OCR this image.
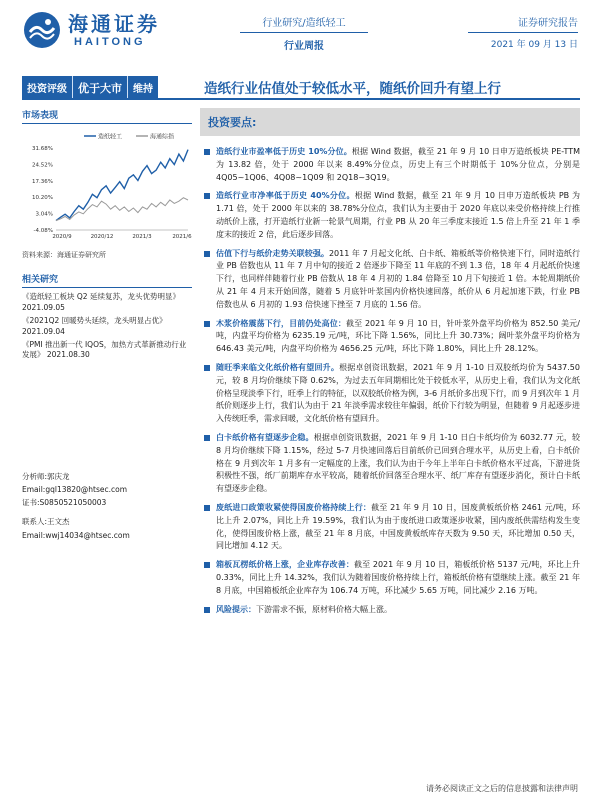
海通证券
HAITONG
行业研究/造纸轻工
行业周报
证券研究报告
2021 年 09 月 13 日
投资评级	优于大市	维持	造纸行业估值处于较低水平，随纸价回升有望上行
市场表现
造纸轻工	海通综指
31.68%
24.52%
17.36%
10.20%
3.04%
-4.08%
2020/9	2020/12	2021/3	2021/6
资料来源：海通证券研究所
相关研究
《造纸轻工板块 Q2 延续复苏，龙头优势明显》 2021.09.05
《2021Q2 回暖势头延续，龙头明显占优》 2021.09.04
《PMI 推出新一代 IQOS，加热方式革新推动行业发展》 2021.08.30
分析师:郭庆龙
Email:gql13820@htsec.com
证书:S0850521050003
联系人:王文杰
Email:wwj14034@htsec.com
投资要点:
造纸行业市盈率低于历史 10%分位。根据 Wind 数据，截至 21 年 9 月 10 日申万造纸板块 PE-TTM 为 13.82 倍，处于 2000 年以来 8.49%分位点，历史上有三个时期低于 10%分位点，分别是 4Q05~1Q06、4Q08~1Q09 和 2Q18~3Q19。
造纸行业市净率低于历史 40%分位。根据 Wind 数据，截至 21 年 9 月 10 日申万造纸板块 PB 为 1.71 倍，处于 2000 年以来的 38.78%分位点，我们认为主要由于 2020 年底以来受价格持续上行推动纸价上涨，打开造纸行业新一轮景气周期，行业 PB 从 20 年三季度末接近 1.5 倍上升至 21 年 1 季度末的接近 2 倍，此后逐步回落。
估值下行与纸价走势关联较强。2011 年 7 月起文化纸、白卡纸、箱板纸等价格快速下行，同时造纸行业 PB 倍数也从 11 年 7 月中旬的接近 2 倍逐步下降至 11 年底的不到 1.3 倍，18 年 4 月起纸价快速下行，也同样伴随着行业 PB 倍数从 18 年 4 月初的 1.84 倍降至 10 月下旬接近 1 倍。本轮周期纸价从 21 年 4 月末开始回落，随着 5 月底针叶浆国内价格快速回落，纸价从 6 月起加速下跌，行业 PB 倍数也从 6 月初的 1.93 倍快速下挫至 7 月底的 1.56 倍。
木浆价格震荡下行，目前仍处高位：截至 2021 年 9 月 10 日，针叶浆外盘平均价格为 852.50 美元/吨，内盘平均价格为 6235.19 元/吨，环比下降 1.56%，同比上升 30.73%；阔叶浆外盘平均价格为 646.43 美元/吨，内盘平均价格为 4656.25 元/吨，环比下降 1.80%，同比上升 28.12%。
随旺季来临文化纸价格有望回升。根据卓创资讯数据，2021 年 9 月 1-10 日双胶纸均价为 5437.50 元，较 8 月均价继续下降 0.62%，为过去五年同期相比处于较低水平，从历史上看，我们认为文化纸价格呈现淡季下行，旺季上行的特征，以双胶纸价格为例，3-6 月纸价多出现下行，而 9 月到次年 1 月纸价则逐步上行，我们认为由于 21 年淡季需求较往年偏弱，纸价下行较为明显，但随着 9 月起逐步进入传统旺季，需求回暖，文化纸价格有望回升。
白卡纸价格有望逐步企稳。根据卓创资讯数据，2021 年 9 月 1-10 日白卡纸均价为 6032.77 元，较 8 月均价继续下降 1.15%，经过 5-7 月快速回落后目前纸价已回到合理水平，从历史上看，白卡纸价格在 9 月到次年 1 月多有一定幅度的上涨，我们认为由于今年上半年白卡纸价格水平过高，下游进货积极性不强，纸厂前期库存水平较高，随着纸价回落至合理水平、纸厂库存有望逐步消化，预计白卡纸有望逐步企稳。
废纸进口政策收紧使得国废价格持续上行：截至 21 年 9 月 10 日，国废黄板纸价格 2461 元/吨，环比上升 2.07%，同比上升 19.59%，我们认为由于废纸进口政策逐步收紧，国内废纸供需结构发生变化，使得国废价格上涨，截至 21 年 8 月底，中国废黄板纸库存天数为 9.50 天，环比增加 0.50 天，同比增加 4.12 天。
箱板瓦楞纸价格上涨，企业库存改善：截至 2021 年 9 月 10 日，箱板纸价格 5137 元/吨，环比上升 0.33%，同比上升 14.32%，我们认为随着国废价格持续上行，箱板纸价格有望继续上涨。截至 21 年 8 月底，中国箱板纸企业库存为 106.74 万吨，环比减少 5.65 万吨，同比减少 2.16 万吨。
风险提示：下游需求不振，原材料价格大幅上涨。
请务必阅读正文之后的信息披露和法律声明
